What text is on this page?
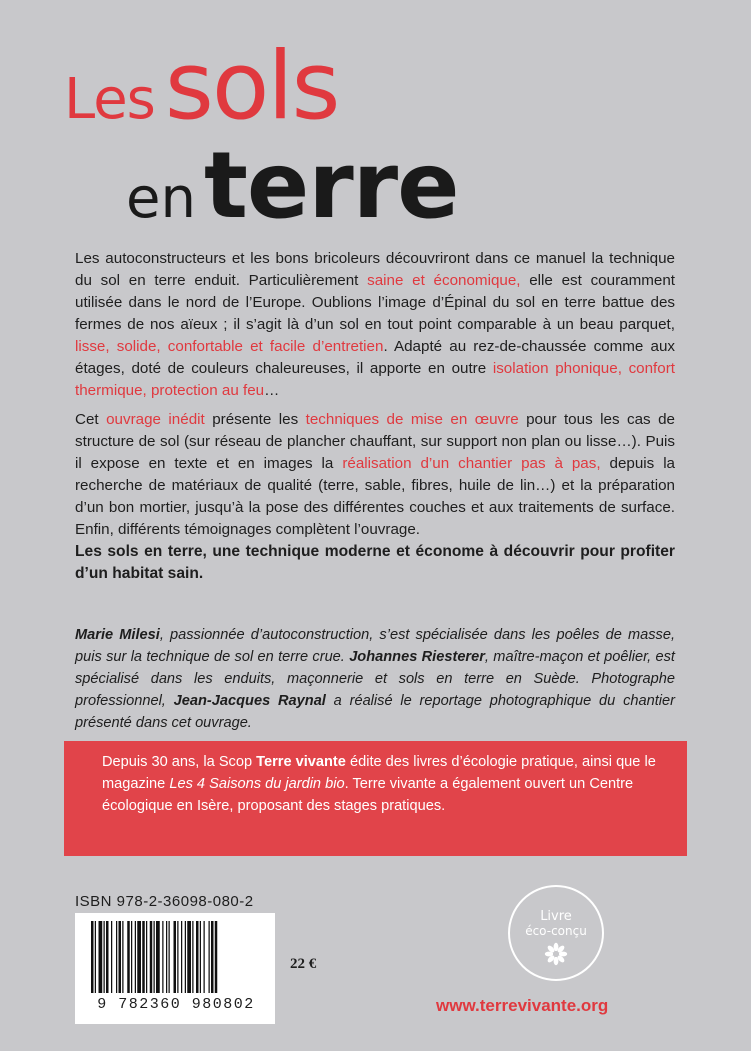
Les sols
enterre

Les autoconstructeurs et les bons bricoleurs découvriront dans ce manuel la technique du sol en terre enduit. Particulièrement saine et économique, elle est couramment utilisée dans le nord de l’Europe. Oublions l’image d’Épinal du sol en terre battue des fermes de nos aïeux ; il s’agit là d’un sol en tout point comparable à un beau parquet, lisse, solide, confortable et facile d’entretien. Adapté au rez-de-chaussée comme aux étages, doté de couleurs chaleureuses, il apporte en outre isolation phonique, confort thermique, protection au feu…

Cet ouvrage inédit présente les techniques de mise en œuvre pour tous les cas de structure de sol (sur réseau de plancher chauffant, sur support non plan ou lisse…). Puis il expose en texte et en images la réalisation d’un chantier pas à pas, depuis la recherche de matériaux de qualité (terre, sable, fibres, huile de lin…) et la préparation d’un bon mortier, jusqu’à la pose des différentes couches et aux traitements de surface. Enfin, différents témoignages complètent l’ouvrage.

Les sols en terre, une technique moderne et économe à découvrir pour profiter d’un habitat sain.

Marie Milesi, passionnée d’autoconstruction, s’est spécialisée dans les poêles de masse, puis sur la technique de sol en terre crue. Johannes Riesterer, maître-maçon et poêlier, est spécialisé dans les enduits, maçonnerie et sols en terre en Suède. Photographe professionnel, Jean-Jacques Raynal a réalisé le reportage photographique du chantier présenté dans cet ouvrage.
Depuis 30 ans, la Scop Terre vivante édite des livres d’écologie pratique, ainsi que le magazine Les 4 Saisons du jardin bio. Terre vivante a également ouvert un Centre écologique en Isère, proposant des stages pratiques.
ISBN 978-2-36098-080-2
9 782360 980802
22 €
Livre
éco-conçu
www.terrevivante.org
